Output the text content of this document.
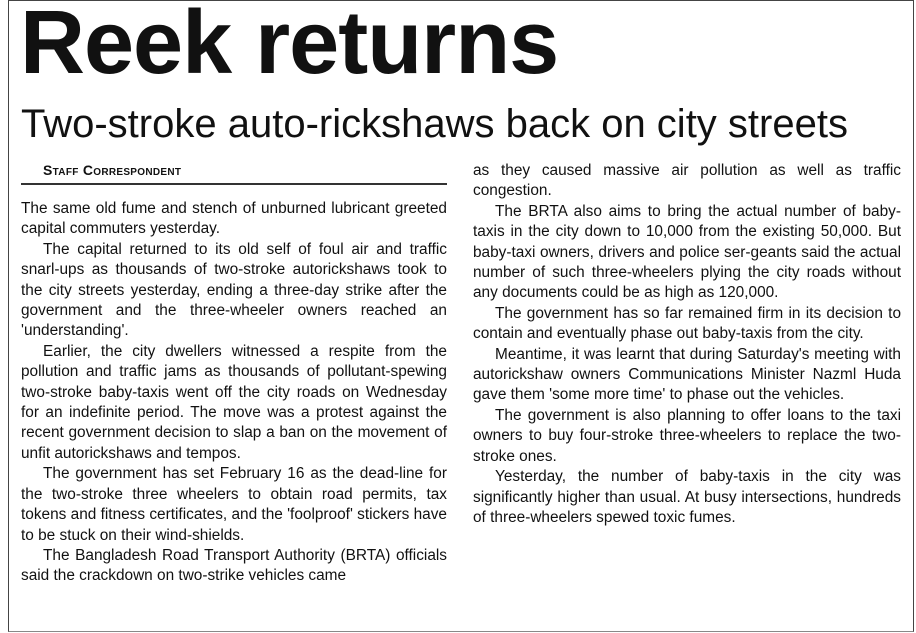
Reek returns
Two-stroke auto-rickshaws back on city streets

Staff Correspondent

The same old fume and stench of unburned lubricant greeted capital commuters yesterday.

The capital returned to its old self of foul air and traffic snarl-ups as thousands of two-stroke autorickshaws took to the city streets yesterday, ending a three-day strike after the government and the three-wheeler owners reached an 'understanding'.

Earlier, the city dwellers witnessed a respite from the pollution and traffic jams as thousands of pollutant-spewing two-stroke baby-taxis went off the city roads on Wednesday for an indefinite period. The move was a protest against the recent government decision to slap a ban on the movement of unfit autorickshaws and tempos.

The government has set February 16 as the dead-line for the two-stroke three wheelers to obtain road permits, tax tokens and fitness certificates, and the 'foolproof' stickers have to be stuck on their wind-shields.

The Bangladesh Road Transport Authority (BRTA) officials said the crackdown on two-strike vehicles came

as they caused massive air pollution as well as traffic congestion.

The BRTA also aims to bring the actual number of baby-taxis in the city down to 10,000 from the existing 50,000. But baby-taxi owners, drivers and police ser-geants said the actual number of such three-wheelers plying the city roads without any documents could be as high as 120,000.

The government has so far remained firm in its decision to contain and eventually phase out baby-taxis from the city.

Meantime, it was learnt that during Saturday's meeting with autorickshaw owners Communications Minister Nazml Huda gave them 'some more time' to phase out the vehicles.

The government is also planning to offer loans to the taxi owners to buy four-stroke three-wheelers to replace the two-stroke ones.

Yesterday, the number of baby-taxis in the city was significantly higher than usual. At busy intersections, hundreds of three-wheelers spewed toxic fumes.
